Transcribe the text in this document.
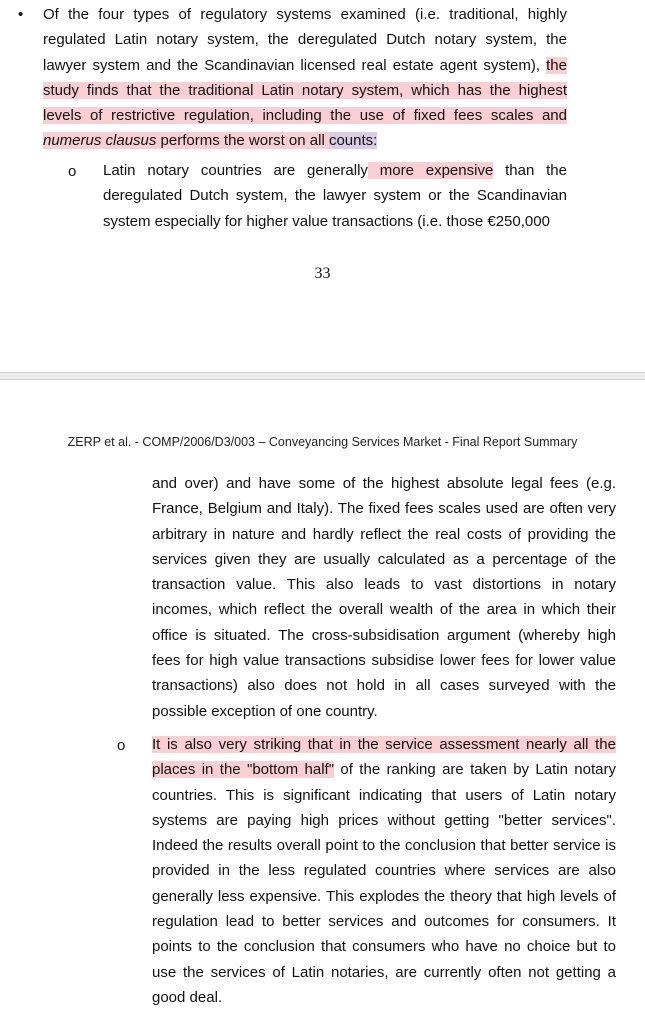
• Of the four types of regulatory systems examined (i.e. traditional, highly regulated Latin notary system, the deregulated Dutch notary system, the lawyer system and the Scandinavian licensed real estate agent system), the study finds that the traditional Latin notary system, which has the highest levels of restrictive regulation, including the use of fixed fees scales and numerus clausus performs the worst on all counts:
o Latin notary countries are generally more expensive than the deregulated Dutch system, the lawyer system or the Scandinavian system especially for higher value transactions (i.e. those €250,000
33
ZERP et al. - COMP/2006/D3/003 – Conveyancing Services Market - Final Report Summary
and over) and have some of the highest absolute legal fees (e.g. France, Belgium and Italy). The fixed fees scales used are often very arbitrary in nature and hardly reflect the real costs of providing the services given they are usually calculated as a percentage of the transaction value. This also leads to vast distortions in notary incomes, which reflect the overall wealth of the area in which their office is situated. The cross-subsidisation argument (whereby high fees for high value transactions subsidise lower fees for lower value transactions) also does not hold in all cases surveyed with the possible exception of one country.
o It is also very striking that in the service assessment nearly all the places in the "bottom half" of the ranking are taken by Latin notary countries. This is significant indicating that users of Latin notary systems are paying high prices without getting "better services". Indeed the results overall point to the conclusion that better service is provided in the less regulated countries where services are also generally less expensive. This explodes the theory that high levels of regulation lead to better services and outcomes for consumers. It points to the conclusion that consumers who have no choice but to use the services of Latin notaries, are currently often not getting a good deal.
